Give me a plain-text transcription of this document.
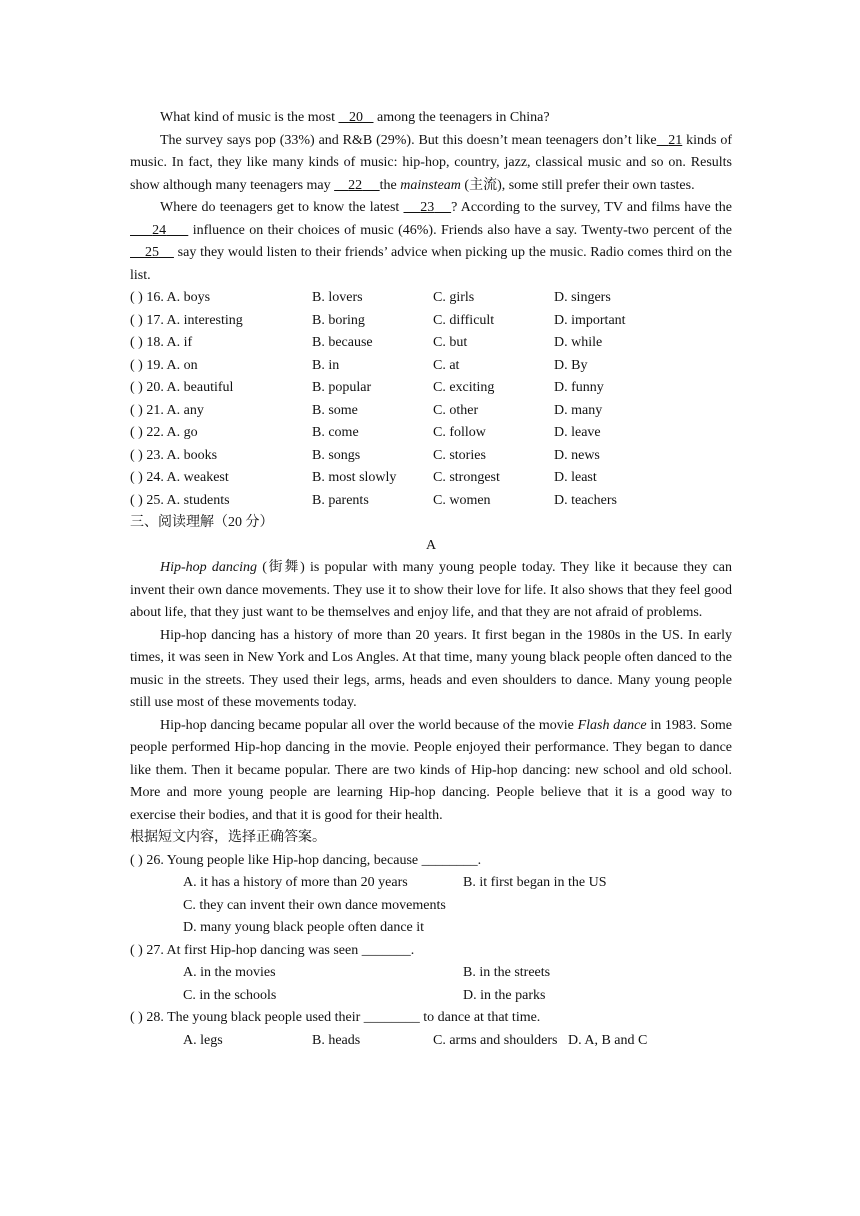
What kind of music is the most    20    among the teenagers in China?

The survey says pop (33%) and R&B (29%). But this doesn’t mean teenagers don’t like 21 kinds of music. In fact, they like many kinds of music: hip-hop, country, jazz, classical music and so on. Results show although many teenagers may     22 the mainsteam (主流), some still prefer their own tastes.

Where do teenagers get to know the latest     23 ? According to the survey, TV and films have the      24      influence on their choices of music (46%). Friends also have a say. Twenty-two percent of the     25     say they would listen to their friends’ advice when picking up the music. Radio comes third on the list.

( ) 16. A. boys	B. lovers	C. girls	D. singers
( ) 17. A. interesting	B. boring	C. difficult	D. important
( ) 18. A. if	B. because	C. but	D. while
( ) 19. A. on	B. in	C. at	D. By
( ) 20. A. beautiful	B. popular	C. exciting	D. funny
( ) 21. A. any	B. some	C. other	D. many
( ) 22. A. go	B. come	C. follow	D. leave
( ) 23. A. books	B. songs	C. stories	D. news
( ) 24. A. weakest	B. most slowly	C. strongest	D. least
( ) 25. A. students	B. parents	C. women	D. teachers
三、阅读理解（20 分）
A

Hip-hop dancing (街舞) is popular with many young people today. They like it because they can invent their own dance movements. They use it to show their love for life. It also shows that they feel good about life, that they just want to be themselves and enjoy life, and that they are not afraid of problems.

Hip-hop dancing has a history of more than 20 years. It first began in the 1980s in the US. In early times, it was seen in New York and Los Angles. At that time, many young black people often danced to the music in the streets. They used their legs, arms, heads and even shoulders to dance. Many young people still use most of these movements today.

Hip-hop dancing became popular all over the world because of the movie Flash dance in 1983. Some people performed Hip-hop dancing in the movie. People enjoyed their performance. They began to dance like them. Then it became popular. There are two kinds of Hip-hop dancing: new school and old school. More and more young people are learning Hip-hop dancing. People believe that it is a good way to exercise their bodies, and that it is good for their health.

根据短文内容，选择正确答案。
( ) 26. Young people like Hip-hop dancing, because ________.
A. it has a history of more than 20 years	B. it first began in the US
C. they can invent their own dance movements
D. many young black people often dance it
( ) 27. At first Hip-hop dancing was seen _______.
A. in the movies	B. in the streets
C. in the schools	D. in the parks
( ) 28. The young black people used their ________ to dance at that time.
A. legs	B. heads	C. arms and shoulders D. A, B and C
